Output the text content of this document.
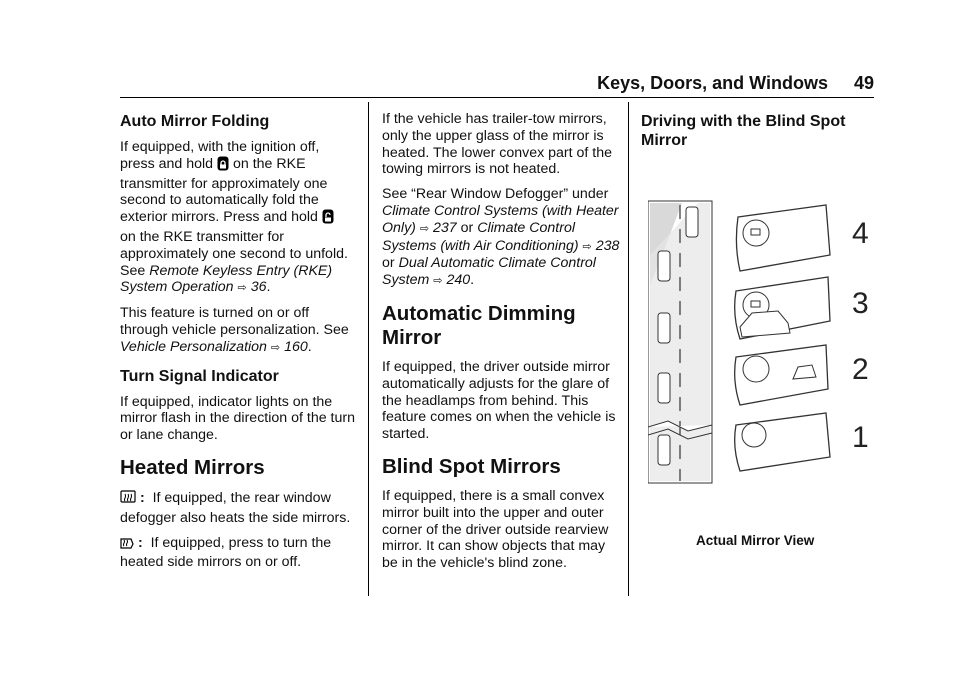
Keys, Doors, and Windows 49
Auto Mirror Folding

If equipped, with the ignition off,
press and hold on the RKE
transmitter for approximately one second to automatically fold the
exterior mirrors. Press and hold
on the RKE transmitter for approximately one second to unfold. See Remote Keyless Entry (RKE) System Operation ⇨ 36.

This feature is turned on or off through vehicle personalization. See Vehicle Personalization ⇨ 160.

Turn Signal Indicator

If equipped, indicator lights on the mirror flash in the direction of the turn or lane change.

Heated Mirrors

: If equipped, the rear window defogger also heats the side mirrors.

: If equipped, press to turn the heated side mirrors on or off.

If the vehicle has trailer-tow mirrors, only the upper glass of the mirror is heated. The lower convex part of the towing mirrors is not heated.

See “Rear Window Defogger” under Climate Control Systems (with Heater Only) ⇨ 237 or Climate Control Systems (with Air Conditioning) ⇨ 238 or Dual Automatic Climate Control System ⇨ 240.

Automatic Dimming Mirror

If equipped, the driver outside mirror automatically adjusts for the glare of the headlamps from behind. This feature comes on when the vehicle is started.

Blind Spot Mirrors

If equipped, there is a small convex mirror built into the upper and outer corner of the driver outside rearview mirror. It can show objects that may be in the vehicle's blind zone.

Driving with the Blind Spot Mirror
4
3
2
1
Actual Mirror View
